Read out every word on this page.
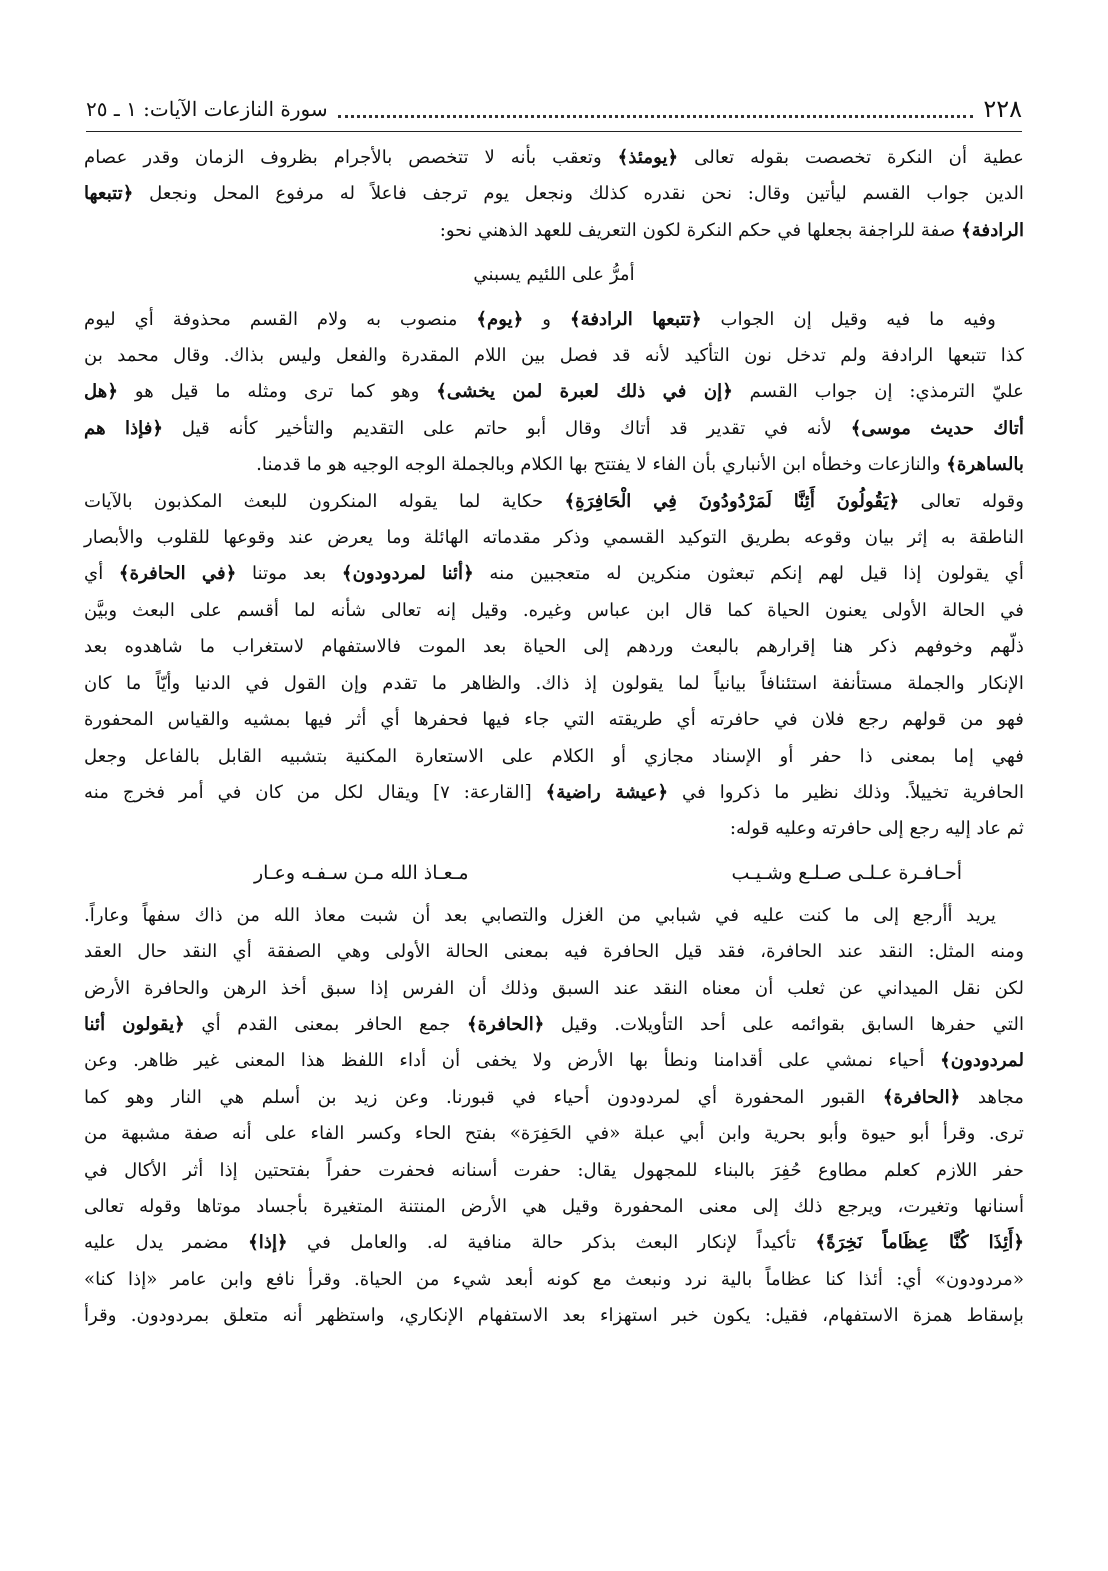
٢٢٨
سورة النازعات الآيات: ١ ـ ٢٥

عطية أن النكرة تخصصت بقوله تعالى ﴿يومئذ﴾ وتعقب بأنه لا تتخصص بالأجرام بظروف الزمان وقدر عصام

الدين جواب القسم ليأتين وقال: نحن نقدره كذلك ونجعل يوم ترجف فاعلاً له مرفوع المحل ونجعل ﴿تتبعها

الرادفة﴾ صفة للراجفة بجعلها في حكم النكرة لكون التعريف للعهد الذهني نحو:

أمرُّ على اللئيم يسبني

وفيه ما فيه وقيل إن الجواب ﴿تتبعها الرادفة﴾ و ﴿يوم﴾ منصوب به ولام القسم محذوفة أي ليوم

كذا تتبعها الرادفة ولم تدخل نون التأكيد لأنه قد فصل بين اللام المقدرة والفعل وليس بذاك. وقال محمد بن

عليّ الترمذي: إن جواب القسم ﴿إن في ذلك لعبرة لمن يخشى﴾ وهو كما ترى ومثله ما قيل هو ﴿هل

أتاك حديث موسى﴾ لأنه في تقدير قد أتاك وقال أبو حاتم على التقديم والتأخير كأنه قيل ﴿فإذا هم

بالساهرة﴾ والنازعات وخطأه ابن الأنباري بأن الفاء لا يفتتح بها الكلام وبالجملة الوجه الوجيه هو ما قدمنا.

وقوله تعالى ﴿يَقُولُونَ أَئِنَّا لَمَرْدُودُونَ فِي الْحَافِرَةِ﴾ حكاية لما يقوله المنكرون للبعث المكذبون بالآيات

الناطقة به إثر بيان وقوعه بطريق التوكيد القسمي وذكر مقدماته الهائلة وما يعرض عند وقوعها للقلوب والأبصار

أي يقولون إذا قيل لهم إنكم تبعثون منكرين له متعجبين منه ﴿أئنا لمردودون﴾ بعد موتنا ﴿في الحافرة﴾ أي

في الحالة الأولى يعنون الحياة كما قال ابن عباس وغيره. وقيل إنه تعالى شأنه لما أقسم على البعث وبيَّن

ذلّهم وخوفهم ذكر هنا إقرارهم بالبعث وردهم إلى الحياة بعد الموت فالاستفهام لاستغراب ما شاهدوه بعد

الإنكار والجملة مستأنفة استئنافاً بيانياً لما يقولون إذ ذاك. والظاهر ما تقدم وإن القول في الدنيا وأيّاً ما كان

فهو من قولهم رجع فلان في حافرته أي طريقته التي جاء فيها فحفرها أي أثر فيها بمشيه والقياس المحفورة

فهي إما بمعنى ذا حفر أو الإسناد مجازي أو الكلام على الاستعارة المكنية بتشبيه القابل بالفاعل وجعل

الحافرية تخييلاً. وذلك نظير ما ذكروا في ﴿عيشة راضية﴾ [القارعة: ٧] ويقال لكل من كان في أمر فخرج منه

ثم عاد إليه رجع إلى حافرته وعليه قوله:

أحـافـرة عـلـى صـلـع وشـيـب
مـعـاذ الله مـن سـفـه وعـار

يريد أأرجع إلى ما كنت عليه في شبابي من الغزل والتصابي بعد أن شبت معاذ الله من ذاك سفهاً وعاراً.

ومنه المثل: النقد عند الحافرة، فقد قيل الحافرة فيه بمعنى الحالة الأولى وهي الصفقة أي النقد حال العقد

لكن نقل الميداني عن ثعلب أن معناه النقد عند السبق وذلك أن الفرس إذا سبق أخذ الرهن والحافرة الأرض

التي حفرها السابق بقوائمه على أحد التأويلات. وقيل ﴿الحافرة﴾ جمع الحافر بمعنى القدم أي ﴿يقولون أئنا

لمردودون﴾ أحياء نمشي على أقدامنا ونطأ بها الأرض ولا يخفى أن أداء اللفظ هذا المعنى غير ظاهر. وعن

مجاهد ﴿الحافرة﴾ القبور المحفورة أي لمردودون أحياء في قبورنا. وعن زيد بن أسلم هي النار وهو كما

ترى. وقرأ أبو حيوة وأبو بحرية وابن أبي عبلة «في الحَفِرَة» بفتح الحاء وكسر الفاء على أنه صفة مشبهة من

حفر اللازم كعلم مطاوع حُفِرَ بالبناء للمجهول يقال: حفرت أسنانه فحفرت حفراً بفتحتين إذا أثر الأكال في

أسنانها وتغيرت، ويرجع ذلك إلى معنى المحفورة وقيل هي الأرض المنتنة المتغيرة بأجساد موتاها وقوله تعالى

﴿أَئِذَا كُنَّا عِظَاماً نَخِرَةً﴾ تأكيداً لإنكار البعث بذكر حالة منافية له. والعامل في ﴿إذا﴾ مضمر يدل عليه

«مردودون» أي: أئذا كنا عظاماً بالية نرد ونبعث مع كونه أبعد شيء من الحياة. وقرأ نافع وابن عامر «إذا كنا»

بإسقاط همزة الاستفهام، فقيل: يكون خبر استهزاء بعد الاستفهام الإنكاري، واستظهر أنه متعلق بمردودون. وقرأ
